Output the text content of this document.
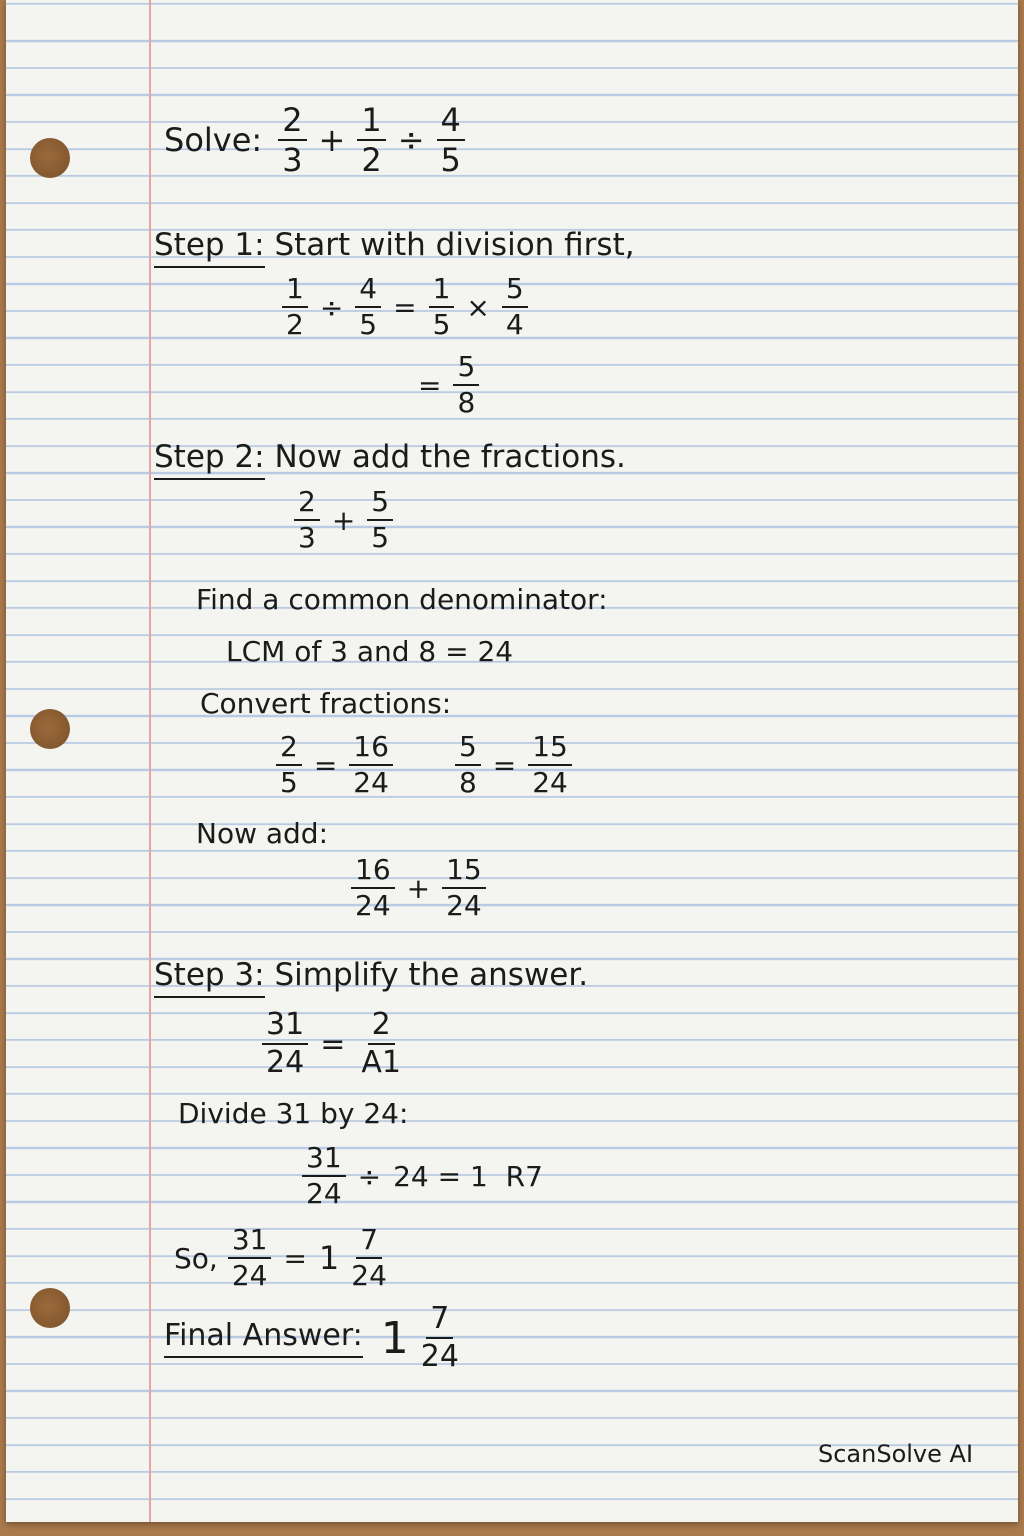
Solve: $\frac{2}{3} + \frac{1}{2} \div \frac{4}{5}$
Step 1: Start with division first,
$\frac{1}{2} \div \frac{4}{5} = \frac{1}{5} \times \frac{5}{4}$
= $\frac{5}{8}$
Step 2: Now add the fractions.
$\frac{2}{3} + \frac{5}{5}$
Find a common denominator:
LCM of 3 and 8 = 24
Convert fractions:
$\frac{2}{5} = \frac{16}{24} \frac{5}{8} = \frac{15}{24}$
Now add:
$\frac{16}{24} + \frac{15}{24}$
Step 3: Simplify the answer.
$\frac{31}{24} = \frac{2}{A1}$
Divide 31 by 24:
$\frac{31}{24} \div 24 = 1$  R7
So, $\frac{31}{24} = 1 \frac{7}{24}$
Final Answer: $1 \frac{7}{24}$
ScanSolve AI
